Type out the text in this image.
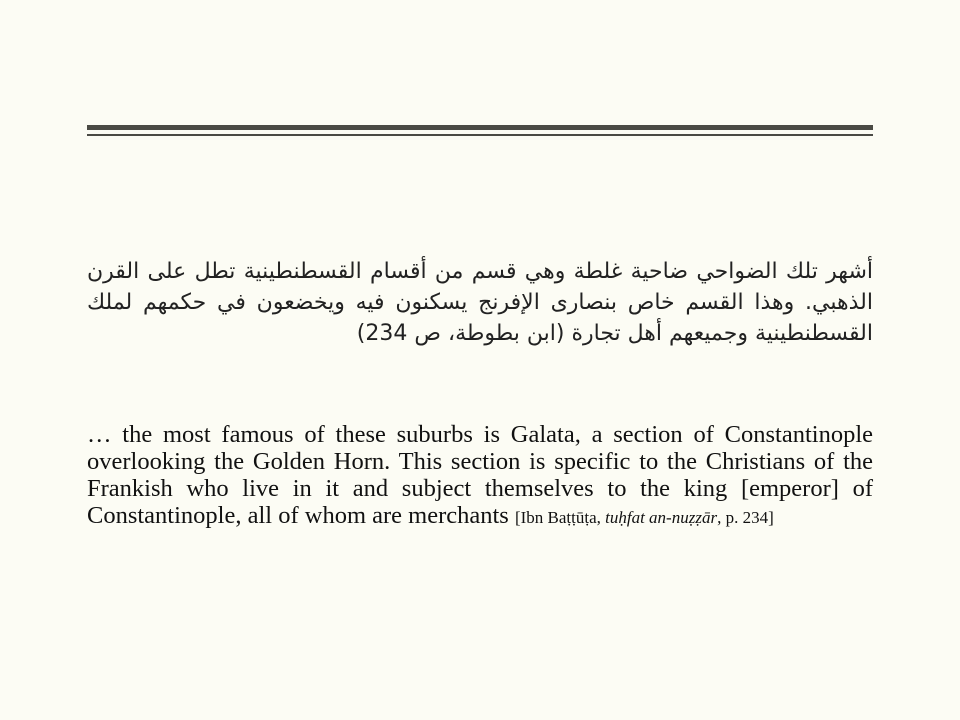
أشهر تلك الضواحي ضاحية غلطة وهي قسم من أقسام القسطنطينية تطل على القرن الذهبي. وهذا القسم خاص بنصارى الإفرنج يسكنون فيه ويخضعون في حكمهم لملك القسطنطينية وجميعهم أهل تجارة (ابن بطوطة، ص 234)
… the most famous of these suburbs is Galata, a section of Constantinople overlooking the Golden Horn. This section is specific to the Christians of the Frankish who live in it and subject themselves to the king [emperor] of Constantinople, all of whom are merchants [Ibn Baṭṭūṭa, tuḥfat an-nuẓẓār, p. 234]
